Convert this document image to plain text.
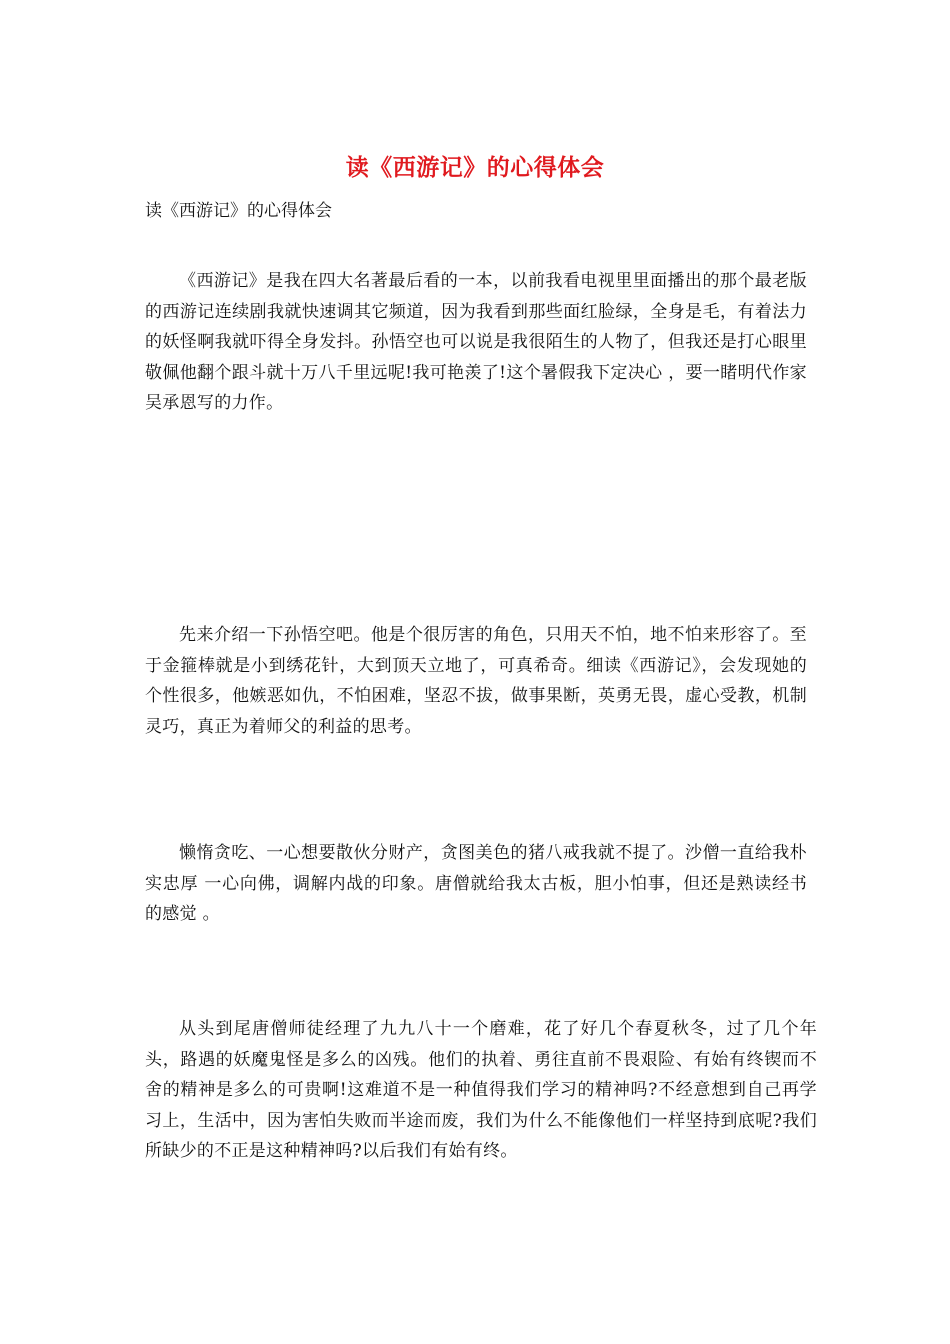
读《西游记》的心得体会

读《西游记》的心得体会

《西游记》是我在四大名著最后看的一本，以前我看电视里里面播出的那个最老版的西游记连续剧我就快速调其它频道，因为我看到那些面红脸绿，全身是毛，有着法力的妖怪啊我就吓得全身发抖。孙悟空也可以说是我很陌生的人物了，但我还是打心眼里敬佩他翻个跟斗就十万八千里远呢!我可艳羡了!这个暑假我下定决心 ，要一睹明代作家吴承恩写的力作。

先来介绍一下孙悟空吧。他是个很厉害的角色，只用天不怕，地不怕来形容了。至于金箍棒就是小到绣花针，大到顶天立地了，可真希奇。细读《西游记》，会发现她的个性很多，他嫉恶如仇，不怕困难，坚忍不拔，做事果断，英勇无畏，虚心受教，机制灵巧，真正为着师父的利益的思考。

懒惰贪吃、一心想要散伙分财产，贪图美色的猪八戒我就不提了。沙僧一直给我朴实忠厚 一心向佛，调解内战的印象。唐僧就给我太古板，胆小怕事，但还是熟读经书的感觉 。

从头到尾唐僧师徒经理了九九八十一个磨难，花了好几个春夏秋冬，过了几个年头，路遇的妖魔鬼怪是多么的凶残。他们的执着、勇往直前不畏艰险、有始有终锲而不舍的精神是多么的可贵啊!这难道不是一种值得我们学习的精神吗?不经意想到自己再学习上，生活中，因为害怕失败而半途而废，我们为什么不能像他们一样坚持到底呢?我们所缺少的不正是这种精神吗?以后我们有始有终。
